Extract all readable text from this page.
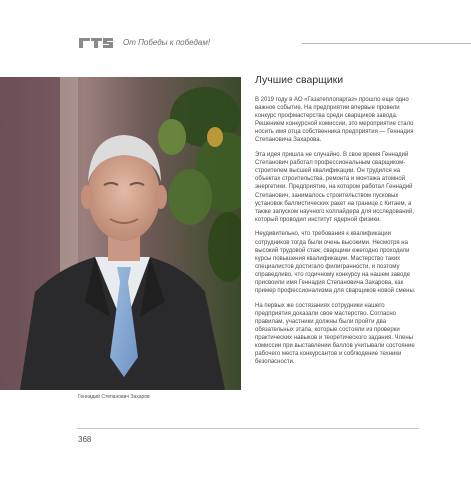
От Победы к победам!
Геннадий Степанович Захаров
Лучшие сварщики

В 2019 году в АО «Газатеплопаргаз» прошло еще одно важное событие. На предприятии впервые провели конкурс профмастерства среди сварщиков завода. Решением конкурсной комиссии, это мероприятие стало носить имя отца собственника предприятия — Геннадия Степановича Захарова.

Эта идея пришла не случайно. В свое время Геннадий Степанович работал профессиональным сварщиком-строителем высшей квалификации. Он трудился на объектах строительства, ремонта и монтажа атомной энергетики. Предприятие, на котором работал Геннадий Степанович, занималось строительством пусковых установок баллистических ракет на границе с Китаем, а также запуском научного коллайдера для исследований, который проводил институт ядерной физики.

Неудивительно, что требования к квалификации сотрудников тогда были очень высокими. Несмотря на высокий трудовой стаж, сварщики ежегодно проходили курсы повышения квалификации. Мастерство таких специалистов достигало филигранности, и поэтому справедливо, что годичному конкурсу на нашем заводе присвоили имя Геннадия Степановича Захарова, как пример профессионализма для сварщиков новой смены.

На первых же состязаниях сотрудники нашего предприятия доказали свое мастерство. Согласно правилам, участники должны были пройти два обязательных этапа, которые состояли из проверки практических навыков и теоретического задания. Члены комиссии при выставлении баллов учитывали состояние рабочего места конкурсантов и соблюдение техники безопасности.

368
